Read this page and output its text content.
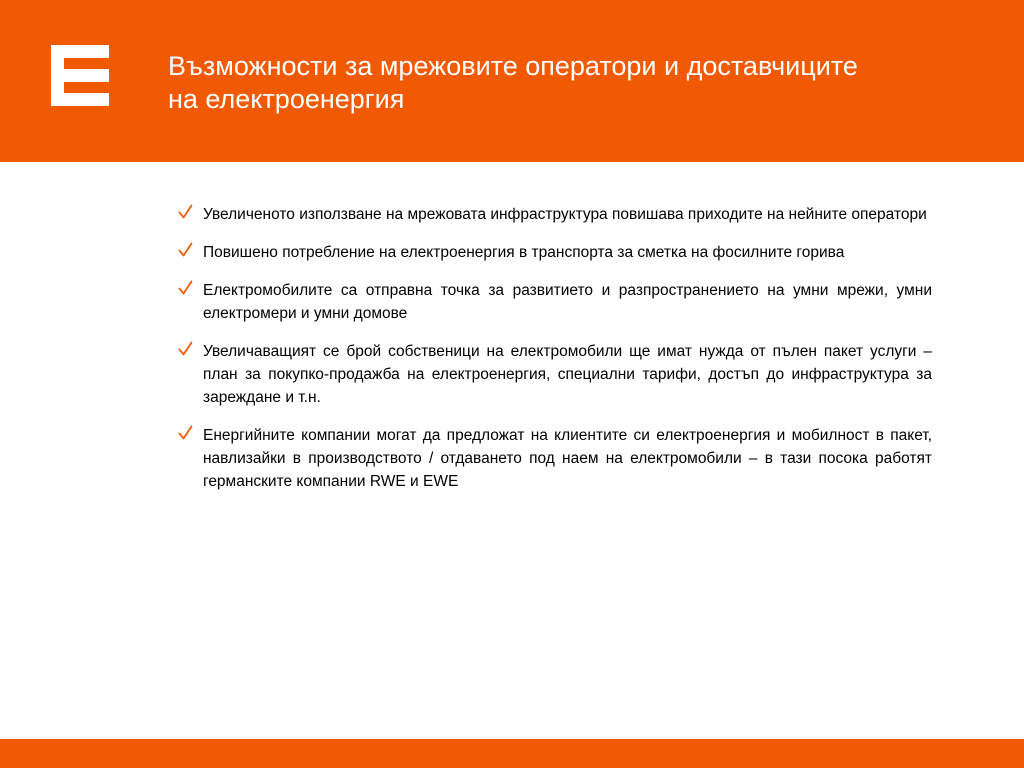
Възможности за мрежовите оператори и доставчиците
на електроенергия
Увеличеното използване на мрежовата инфраструктура повишава приходите на нейните оператори
Повишено потребление на електроенергия в транспорта за сметка на фосилните горива
Електромобилите са отправна точка за развитието и разпространението на умни мрежи, умни електромери и умни домове
Увеличаващият се брой собственици на електромобили ще имат нужда от пълен пакет услуги – план за покупко-продажба на електроенергия, специални тарифи, достъп до инфраструктура за зареждане и т.н.
Енергийните компании могат да предложат на клиентите си електроенергия и мобилност в пакет, навлизайки в производството / отдаването под наем на електромобили – в тази посока работят германските компании RWE и EWE
